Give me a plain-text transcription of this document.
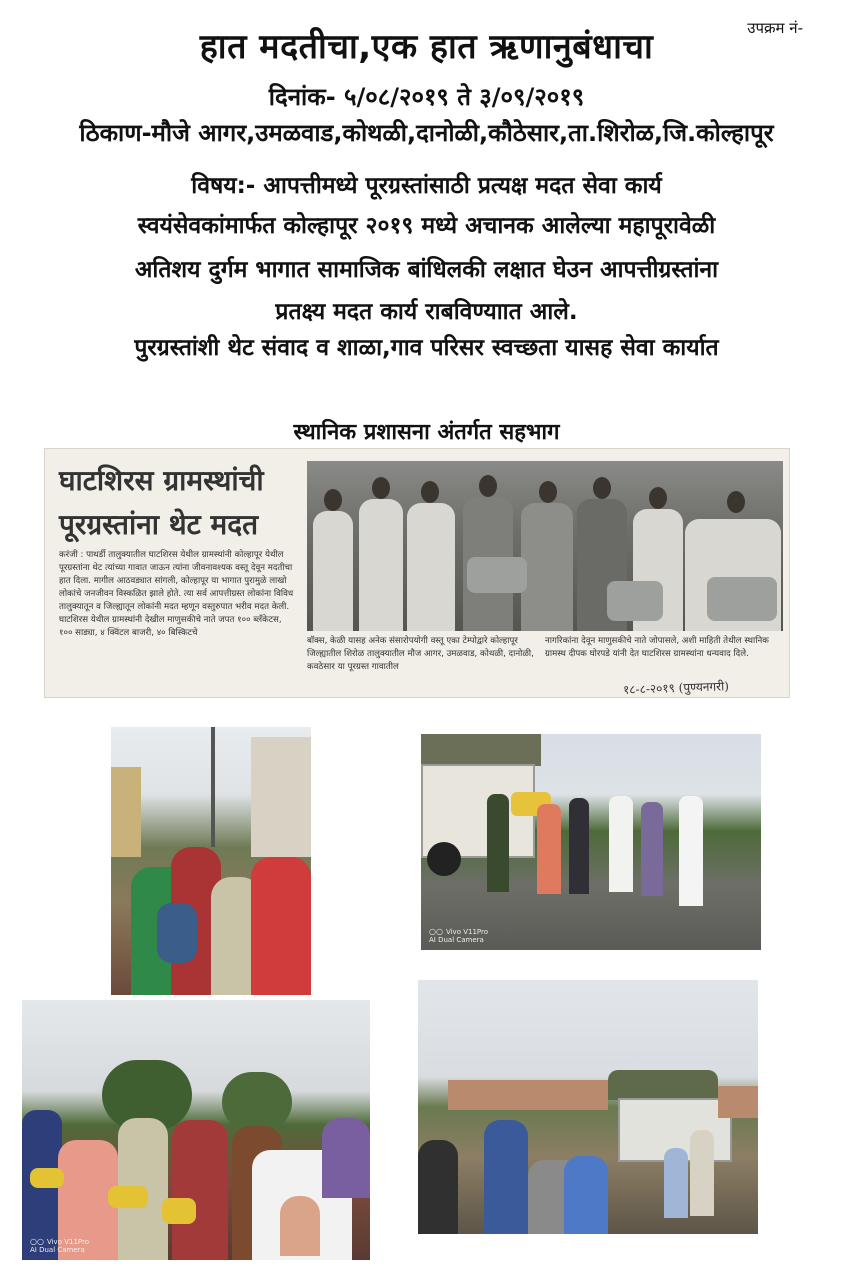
उपक्रम नं-
हात मदतीचा,एक हात ऋणानुबंधाचा
दिनांक- ५/०८/२०१९ ते ३/०९/२०१९
ठिकाण-मौजे आगर,उमळवाड,कोथळी,दानोळी,कौठेसार,ता.शिरोळ,जि.कोल्हापूर
विषय:- आपत्तीमध्ये पूरग्रस्तांसाठी प्रत्यक्ष मदत सेवा कार्य
स्वयंसेवकांमार्फत कोल्हापूर २०१९ मध्ये अचानक आलेल्या महापूरावेळी
अतिशय दुर्गम भागात सामाजिक बांधिलकी लक्षात घेउन आपत्तीग्रस्तांना
प्रतक्ष्य मदत कार्य राबविण्याात आले.
पुरग्रस्तांशी थेट संवाद व शाळा,गाव परिसर स्वच्छता यासह सेवा कार्यात
स्थानिक प्रशासना अंतर्गत सहभाग
घाटशिरस ग्रामस्थांची
पूरग्रस्तांना थेट मदत
करंजी : पाथर्डी तालुक्यातील घाटशिरस येथील ग्रामस्थांनी कोल्हापूर येथील पूरग्रस्तांना थेट त्यांच्या गावात जाऊन त्यांना जीवनावश्यक वस्तू देवून मदतीचा हात दिला. मागील आठवड्यात सांगली, कोल्हापूर या भागात पुरामुळे लाखो लोकांचे जनजीवन विस्कळित झाले होते. त्या सर्व आपत्तीग्रस्त लोकांना विविध तालुक्यातून व जिल्ह्यातून लोकांनी मदत म्हणून वस्तुरुपात भरीव मदत केली. घाटशिरस येथील ग्रामस्थांनी देखील माणुसकीचे नाते जपत १०० ब्लँकेटस, १०० साड्या, ४ क्विंटल बाजरी, ४० बिस्किटचे
बॉक्स, केळी यासह अनेक संसारोपयोगी वस्तू एका टेम्पोद्वारे कोल्हापूर जिल्ह्यातील शिरोळ तालुक्यातील मौज आगर, उमळवाड, कोथळी, दानोळी, कवठेसार या पूरग्रस्त गावातील
नागरिकांना देवून माणुसकीचे नाते जोपासले, अशी माहिती तेथील स्थानिक ग्रामस्थ दीपक घोरपडे यांनी देत घाटशिरस ग्रामस्थांना धन्यवाद दिले.
१८-८-२०१९ (पुण्यनगरी)
○○ Vivo V11Pro
AI Dual Camera
○○ Vivo V11Pro
AI Dual Camera
